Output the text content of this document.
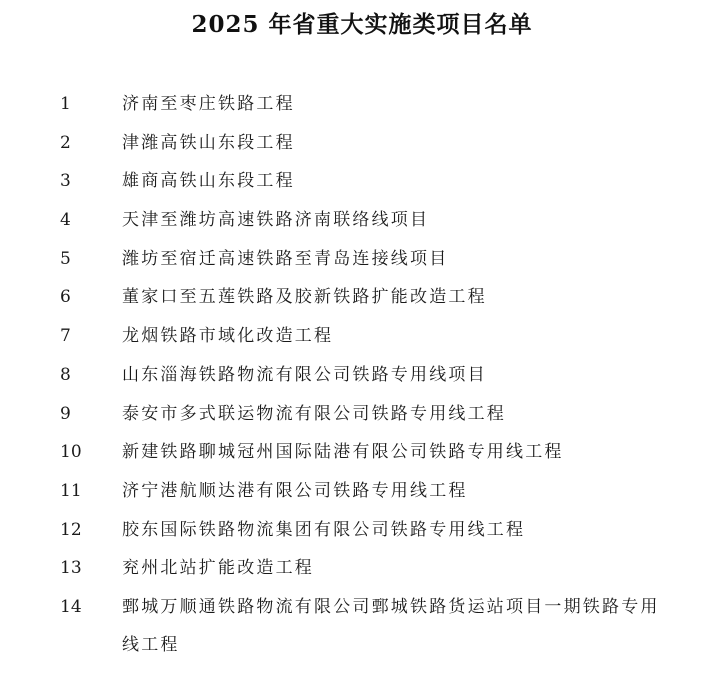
2025 年省重大实施类项目名单
1	济南至枣庄铁路工程
2	津潍高铁山东段工程
3	雄商高铁山东段工程
4	天津至潍坊高速铁路济南联络线项目
5	潍坊至宿迁高速铁路至青岛连接线项目
6	董家口至五莲铁路及胶新铁路扩能改造工程
7	龙烟铁路市域化改造工程
8	山东淄海铁路物流有限公司铁路专用线项目
9	泰安市多式联运物流有限公司铁路专用线工程
10	新建铁路聊城冠州国际陆港有限公司铁路专用线工程
11	济宁港航顺达港有限公司铁路专用线工程
12	胶东国际铁路物流集团有限公司铁路专用线工程
13	兖州北站扩能改造工程
14	鄄城万顺通铁路物流有限公司鄄城铁路货运站项目一期铁路专用线工程
